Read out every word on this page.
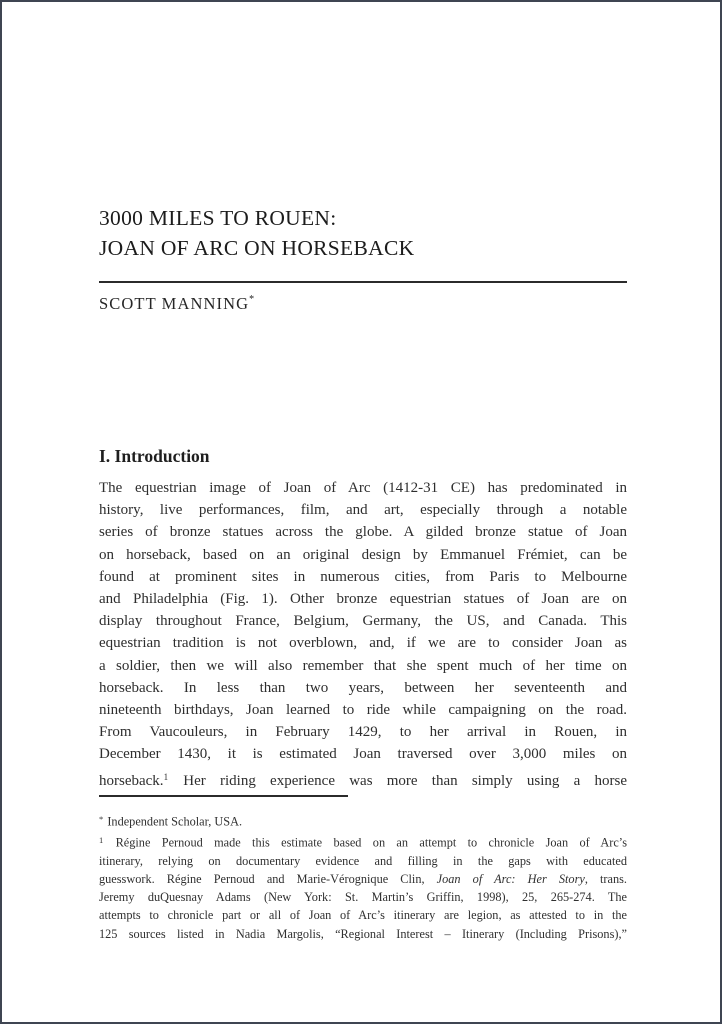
3000 MILES TO ROUEN:
JOAN OF ARC ON HORSEBACK
SCOTT MANNING*
I. Introduction
The equestrian image of Joan of Arc (1412-31 CE) has predominated in
history, live performances, film, and art, especially through a notable
series of bronze statues across the globe. A gilded bronze statue of Joan
on horseback, based on an original design by Emmanuel Frémiet, can be
found at prominent sites in numerous cities, from Paris to Melbourne
and Philadelphia (Fig. 1). Other bronze equestrian statues of Joan are on
display throughout France, Belgium, Germany, the US, and Canada. This
equestrian tradition is not overblown, and, if we are to consider Joan as
a soldier, then we will also remember that she spent much of her time on
horseback. In less than two years, between her seventeenth and
nineteenth birthdays, Joan learned to ride while campaigning on the road.
From Vaucouleurs, in February 1429, to her arrival in Rouen, in
December 1430, it is estimated Joan traversed over 3,000 miles on
horseback.$^1$ Her riding experience was more than simply using a horse
* Independent Scholar, USA.
$^1$ Régine Pernoud made this estimate based on an attempt to chronicle Joan of Arc’s
itinerary, relying on documentary evidence and filling in the gaps with educated
guesswork. Régine Pernoud and Marie-Vérognique Clin, Joan of Arc: Her Story, trans.
Jeremy duQuesnay Adams (New York: St. Martin’s Griffin, 1998), 25, 265-274. The
attempts to chronicle part or all of Joan of Arc’s itinerary are legion, as attested to in the
125 sources listed in Nadia Margolis, “Regional Interest – Itinerary (Including Prisons),”
